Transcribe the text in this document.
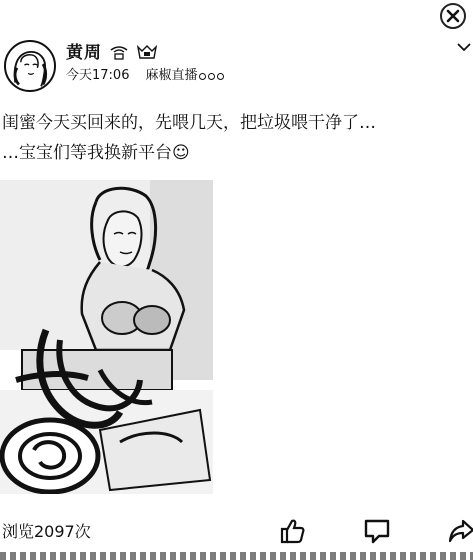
黄周
今天17:06 麻椒直播
闺蜜今天买回来的，先喂几天，把垃圾喂干净了…
…宝宝们等我换新平台☺
浏览2097次
